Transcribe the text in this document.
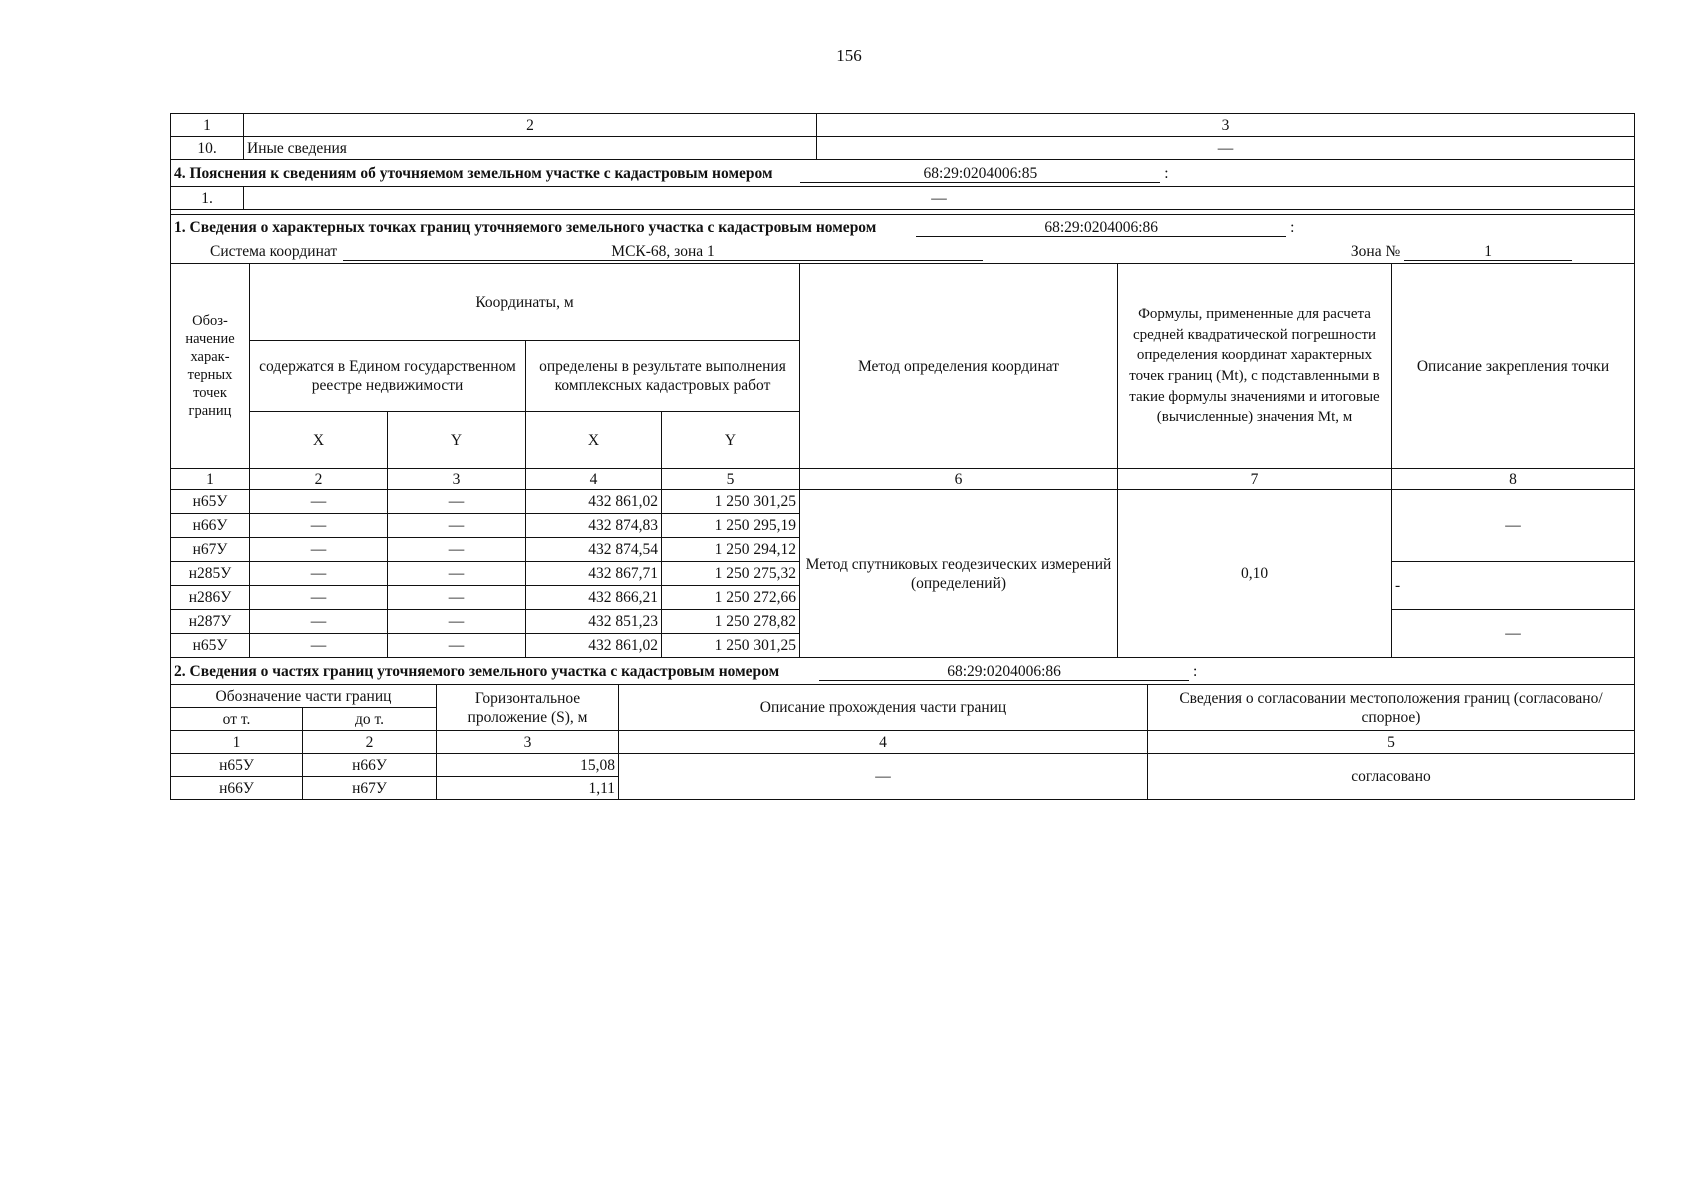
156
1	2	3
10.	Иные сведения	—
4. Пояснения к сведениям об уточняемом земельном участке с кадастровым номером	68:29:0204006:85	:
1.	—
1. Сведения о характерных точках границ уточняемого земельного участка с кадастровым номером 68:29:0204006:86 :							
Система координат МСК-68, зона 1 Зона № 1							
Обоз-начение харак-терных точек границ	Координаты, м				Метод определения координат	Формулы, примененные для расчета средней квадратической погрешности определения координат характерных точек границ (Mt), с подставленными в такие формулы значениями и итоговые (вычисленные) значения Mt, м	Описание закрепления точки
	содержатся в Едином государственном реестре недвижимости		определены в результате выполнения комплексных кадастровых работ				
	X	Y	X	Y			
1	2	3	4	5	6	7	8
н65У	—	—	432 861,02	1 250 301,25	Метод спутниковых геодезических измерений (определений)	0,10	—
н66У	—	—	432 874,83	1 250 295,19			
н67У	—	—	432 874,54	1 250 294,12			
н285У	—	—	432 867,71	1 250 275,32			-
н286У	—	—	432 866,21	1 250 272,66			
н287У	—	—	432 851,23	1 250 278,82			—
н65У	—	—	432 861,02	1 250 301,25			
2. Сведения о частях границ уточняемого земельного участка с кадастровым номером 68:29:0204006:86 :				
Обозначение части границ		Горизонтальное проложение (S), м	Описание прохождения части границ	Сведения о согласовании местоположения границ (согласовано/спорное)
от т.	до т.			
1	2	3	4	5
н65У	н66У	15,08	—	согласовано
н66У	н67У	1,11		
